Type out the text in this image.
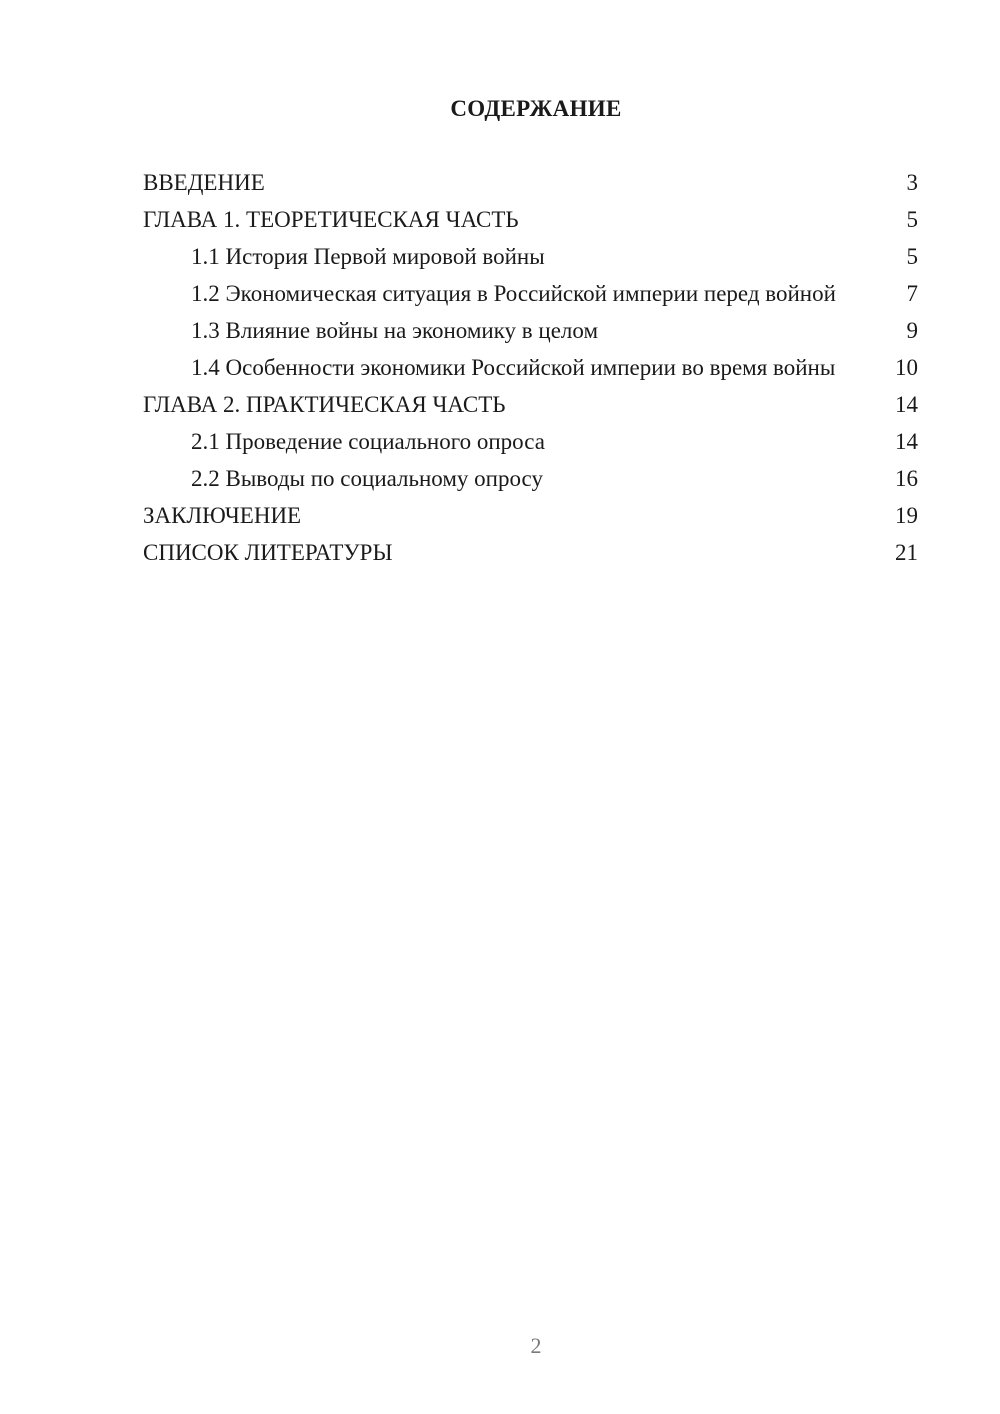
СОДЕРЖАНИЕ
ВВЕДЕНИЕ	3
ГЛАВА 1. ТЕОРЕТИЧЕСКАЯ ЧАСТЬ	5
1.1 История Первой мировой войны	5
1.2 Экономическая ситуация в Российской империи перед войной	7
1.3 Влияние войны на экономику в целом	9
1.4 Особенности экономики Российской империи во время войны	10
ГЛАВА 2. ПРАКТИЧЕСКАЯ ЧАСТЬ	14
2.1 Проведение социального опроса	14
2.2 Выводы по социальному опросу	16
ЗАКЛЮЧЕНИЕ	19
СПИСОК ЛИТЕРАТУРЫ	21
2
